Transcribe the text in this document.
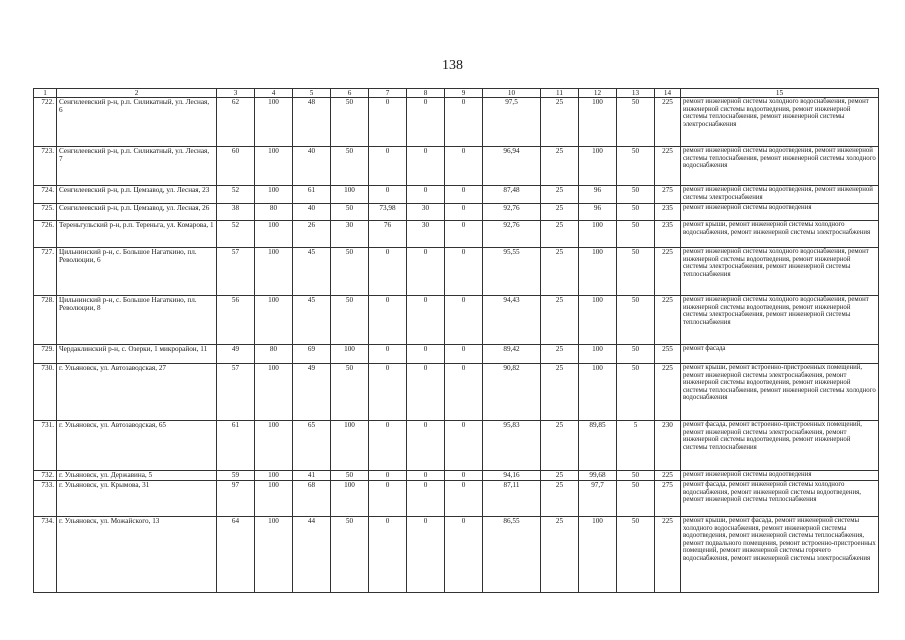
138
1	2	3	4	5	6	7	8	9	10	11	12	13	14	15
722.	Сенгилеевский р-н, р.п. Силикатный, ул. Лесная, 6	62	100	48	50	0	0	0	97,5	25	100	50	225	ремонт инженерной системы холодного водоснабжения, ремонт инженерной системы водоотведения, ремонт инженерной системы теплоснабжения, ремонт инженерной системы электроснабжения
723.	Сенгилеевский р-н, р.п. Силикатный, ул. Лесная, 7	60	100	40	50	0	0	0	96,94	25	100	50	225	ремонт инженерной системы водоотведения, ремонт инженерной системы теплоснабжения, ремонт инженерной системы холодного водоснабжения
724.	Сенгилеевский р-н, р.п. Цемзавод, ул. Лесная, 23	52	100	61	100	0	0	0	87,48	25	96	50	275	ремонт инженерной системы водоотведения, ремонт инженерной системы электроснабжения
725.	Сенгилеевский р-н, р.п. Цемзавод, ул. Лесная, 26	38	80	40	50	73,98	30	0	92,76	25	96	50	235	ремонт инженерной системы водоотведения
726.	Тереньгульский р-н, р.п. Тереньга, ул. Комарова, 1	52	100	26	30	76	30	0	92,76	25	100	50	235	ремонт крыши, ремонт инженерной системы холодного водоснабжения, ремонт инженерной системы электроснабжения
727.	Цильнинский р-н, с. Большое Нагаткино, пл. Революции, 6	57	100	45	50	0	0	0	95,55	25	100	50	225	ремонт инженерной системы холодного водоснабжения, ремонт инженерной системы водоотведения, ремонт инженерной системы электроснабжения, ремонт инженерной системы теплоснабжения
728.	Цильнинский р-н, с. Большое Нагаткино, пл. Революции, 8	56	100	45	50	0	0	0	94,43	25	100	50	225	ремонт инженерной системы холодного водоснабжения, ремонт инженерной системы водоотведения, ремонт инженерной системы электроснабжения, ремонт инженерной системы теплоснабжения
729.	Чердаклинский р-н, с. Озерки, 1 микрорайон, 11	49	80	69	100	0	0	0	89,42	25	100	50	255	ремонт фасада
730.	г. Ульяновск, ул. Автозаводская, 27	57	100	49	50	0	0	0	90,82	25	100	50	225	ремонт крыши, ремонт встроенно-пристроенных помещений, ремонт инженерной системы электроснабжения, ремонт инженерной системы водоотведения, ремонт инженерной системы теплоснабжения, ремонт инженерной системы холодного водоснабжения
731.	г. Ульяновск, ул. Автозаводская, 65	61	100	65	100	0	0	0	95,83	25	89,85	5	230	ремонт фасада, ремонт встроенно-пристроенных помещений, ремонт инженерной системы электроснабжения, ремонт инженерной системы водоотведения, ремонт инженерной системы теплоснабжения
732.	г. Ульяновск, ул. Державина, 5	59	100	41	50	0	0	0	94,16	25	99,68	50	225	ремонт инженерной системы водоотведения
733.	г. Ульяновск, ул. Крымова, 31	97	100	68	100	0	0	0	87,11	25	97,7	50	275	ремонт фасада, ремонт инженерной системы холодного водоснабжения, ремонт инженерной системы водоотведения, ремонт инженерной системы теплоснабжения
734.	г. Ульяновск, ул. Можайского, 13	64	100	44	50	0	0	0	86,55	25	100	50	225	ремонт крыши, ремонт фасада, ремонт инженерной системы холодного водоснабжения, ремонт инженерной системы водоотведения, ремонт инженерной системы теплоснабжения, ремонт подвального помещения, ремонт встроенно-пристроенных помещений, ремонт инженерной системы горячего водоснабжения, ремонт инженерной системы электроснабжения
